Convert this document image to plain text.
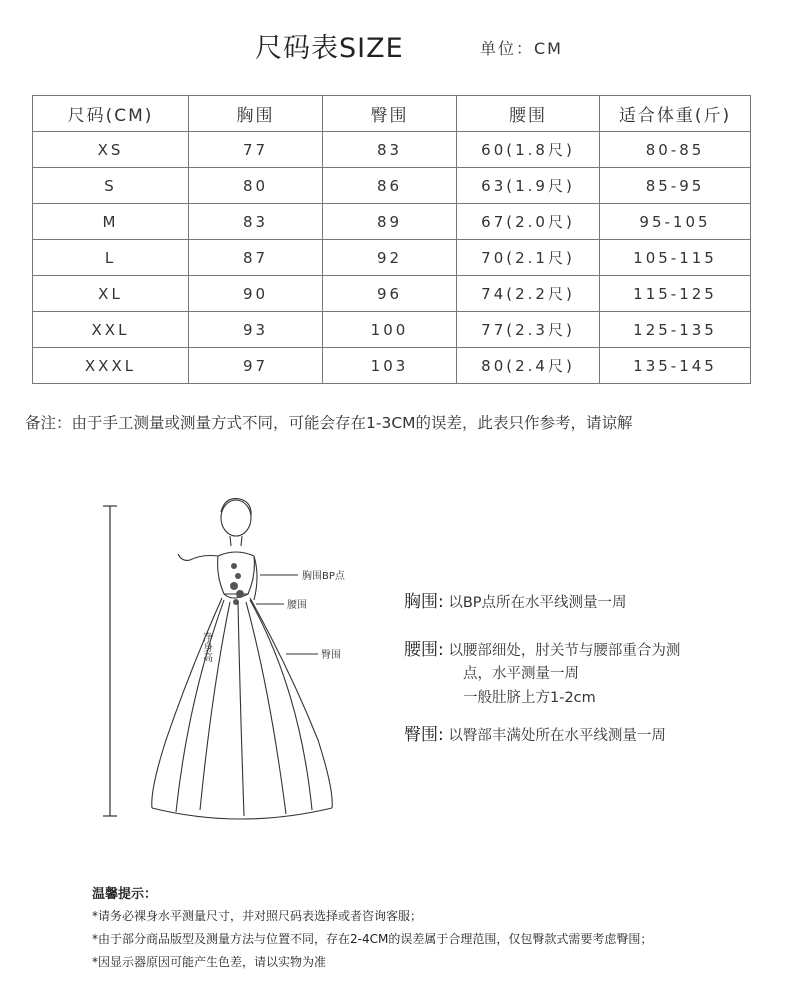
尺码表SIZE	单位：CM
尺码(CM)	胸围	臀围	腰围	适合体重(斤)
XS	77	83	60(1.8尺)	80-85
S	80	86	63(1.9尺)	85-95
M	83	89	67(2.0尺)	95-105
L	87	92	70(2.1尺)	105-115
XL	90	96	74(2.2尺)	115-125
XXL	93	100	77(2.3尺)	125-135
XXXL	97	103	80(2.4尺)	135-145
备注：由于手工测量或测量方式不同，可能会存在1-3CM的误差，此表只作参考，请谅解
净身高
胸围BP点
腰围
臀围
胸围: 以BP点所在水平线测量一周
腰围: 以腰部细处，肘关节与腰部重合为测
点，水平测量一周
一般肚脐上方1-2cm
臀围: 以臀部丰满处所在水平线测量一周
温馨提示：
*请务必裸身水平测量尺寸，并对照尺码表选择或者咨询客服；
*由于部分商品版型及测量方法与位置不同，存在2-4CM的误差属于合理范围，仅包臀款式需要考虑臀围；
*因显示器原因可能产生色差，请以实物为准
